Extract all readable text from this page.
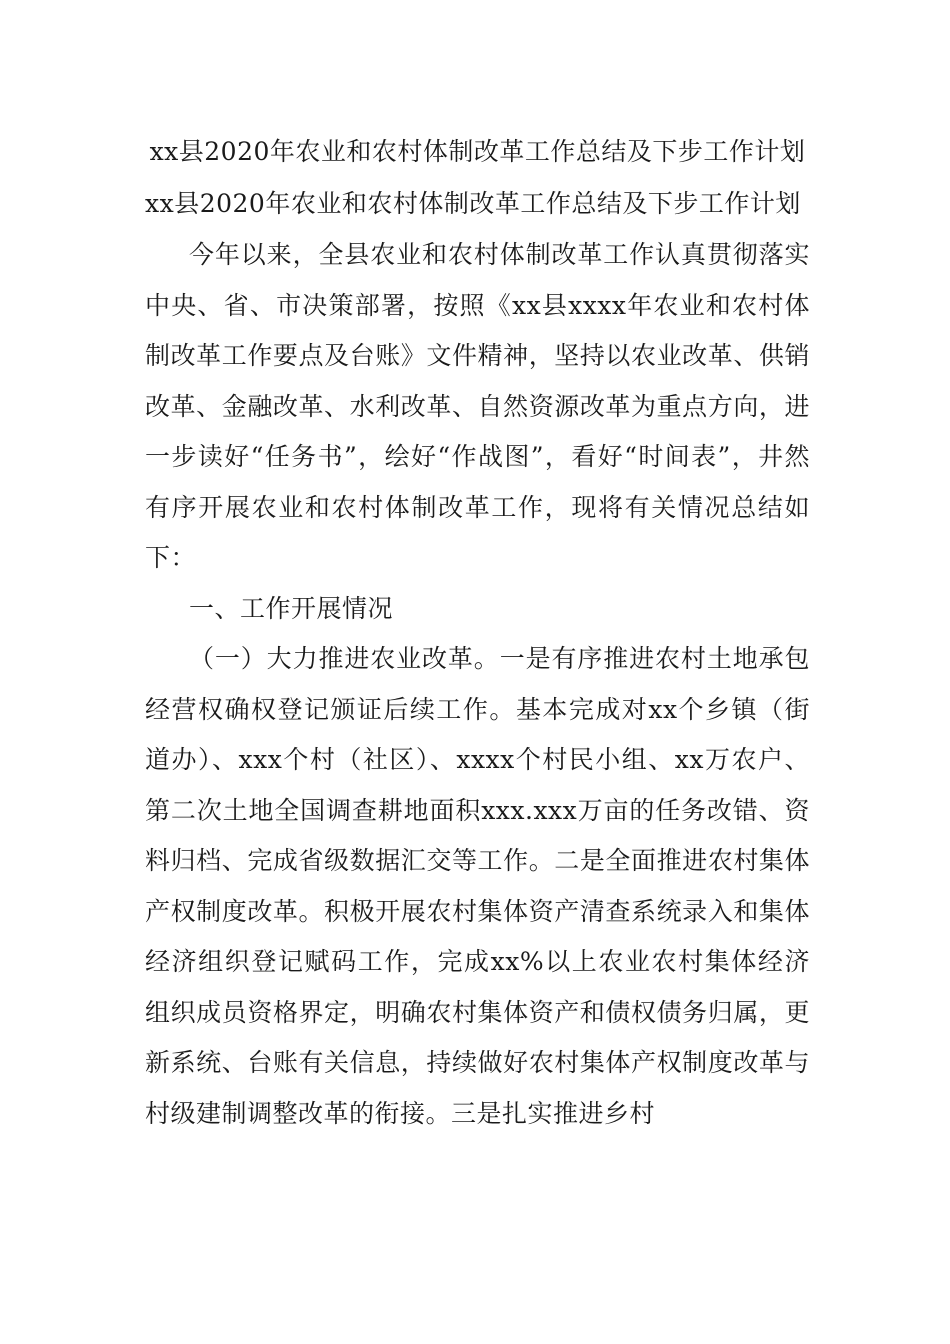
xx县2020年农业和农村体制改革工作总结及下步工作计划

xx县2020年农业和农村体制改革工作总结及下步工作计划

今年以来，全县农业和农村体制改革工作认真贯彻落实中央、省、市决策部署，按照《xx县xxxx年农业和农村体制改革工作要点及台账》文件精神，坚持以农业改革、供销改革、金融改革、水利改革、自然资源改革为重点方向，进一步读好“任务书”，绘好“作战图”，看好“时间表”，井然有序开展农业和农村体制改革工作，现将有关情况总结如下：

一、工作开展情况

（一）大力推进农业改革。一是有序推进农村土地承包经营权确权登记颁证后续工作。基本完成对xx个乡镇（街道办）、xxx个村（社区）、xxxx个村民小组、xx万农户、第二次土地全国调查耕地面积xxx.xxx万亩的任务改错、资料归档、完成省级数据汇交等工作。二是全面推进农村集体产权制度改革。积极开展农村集体资产清查系统录入和集体经济组织登记赋码工作，完成xx%以上农业农村集体经济组织成员资格界定，明确农村集体资产和债权债务归属，更新系统、台账有关信息，持续做好农村集体产权制度改革与村级建制调整改革的衔接。三是扎实推进乡村
